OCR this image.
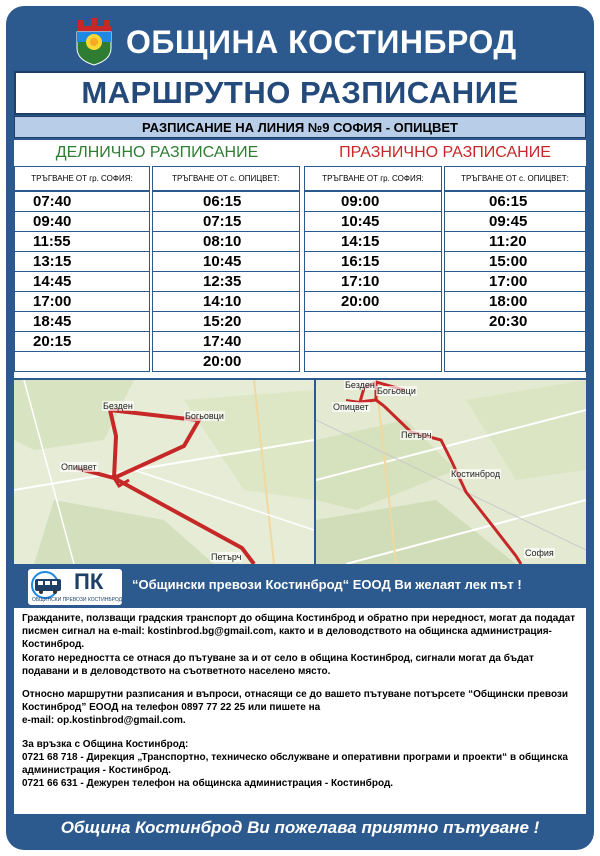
ОБЩИНА КОСТИНБРОД
МАРШРУТНО РАЗПИСАНИЕ
РАЗПИСАНИЕ НА ЛИНИЯ №9 СОФИЯ - ОПИЦВЕТ
ДЕЛНИЧНО РАЗПИСАНИЕ	ПРАЗНИЧНО РАЗПИСАНИЕ
ТРЪГВАНЕ ОТ гр. СОФИЯ:
07:40
09:40
11:55
13:15
14:45
17:00
18:45
20:15
ТРЪГВАНЕ ОТ с. ОПИЦВЕТ:
06:15
07:15
08:10
10:45
12:35
14:10
15:20
17:40
20:00
ТРЪГВАНЕ ОТ гр. СОФИЯ:
09:00
10:45
14:15
16:15
17:10
20:00
ТРЪГВАНЕ ОТ с. ОПИЦВЕТ:
06:15
09:45
11:20
15:00
17:00
18:00
20:30
Безден
Богьовци
Опицвет
Петърч
Безден
Богьовци
Опицвет
Петърч
Костинброд
София
ПК
ОБЩИНСКИ ПРЕВОЗИ КОСТИНБРОД
“Общински превози Костинброд“ ЕООД Ви желаят лек път !

Гражданите, ползващи градския транспорт до община Костинброд и обратно при нередност, могат да подадат писмен сигнал на e-mail: kostinbrod.bg@gmail.com, както и в деловодството на общинска администрация- Костинброд.

Когато нередността се отнася до пътуване за и от село в община Костинброд, сигнали могат да бъдат подавани и в деловодството на съответното населено място.

Относно маршрутни разписания и въпроси, отнасящи се до вашето пътуване потърсете “Общински превози Костинброд” ЕООД на телефон 0897 77 22 25 или пишете на

e-mail: op.kostinbrod@gmail.com.

За връзка с Община Костинброд:

0721 68 718 - Дирекция „Транспортно, техническо обслужване и оперативни програми и проекти“ в общинска администрация - Костинброд.

0721 66 631 - Дежурен телефон на общинска администрация - Костинброд.

Община Костинброд Ви пожелава приятно пътуване !
